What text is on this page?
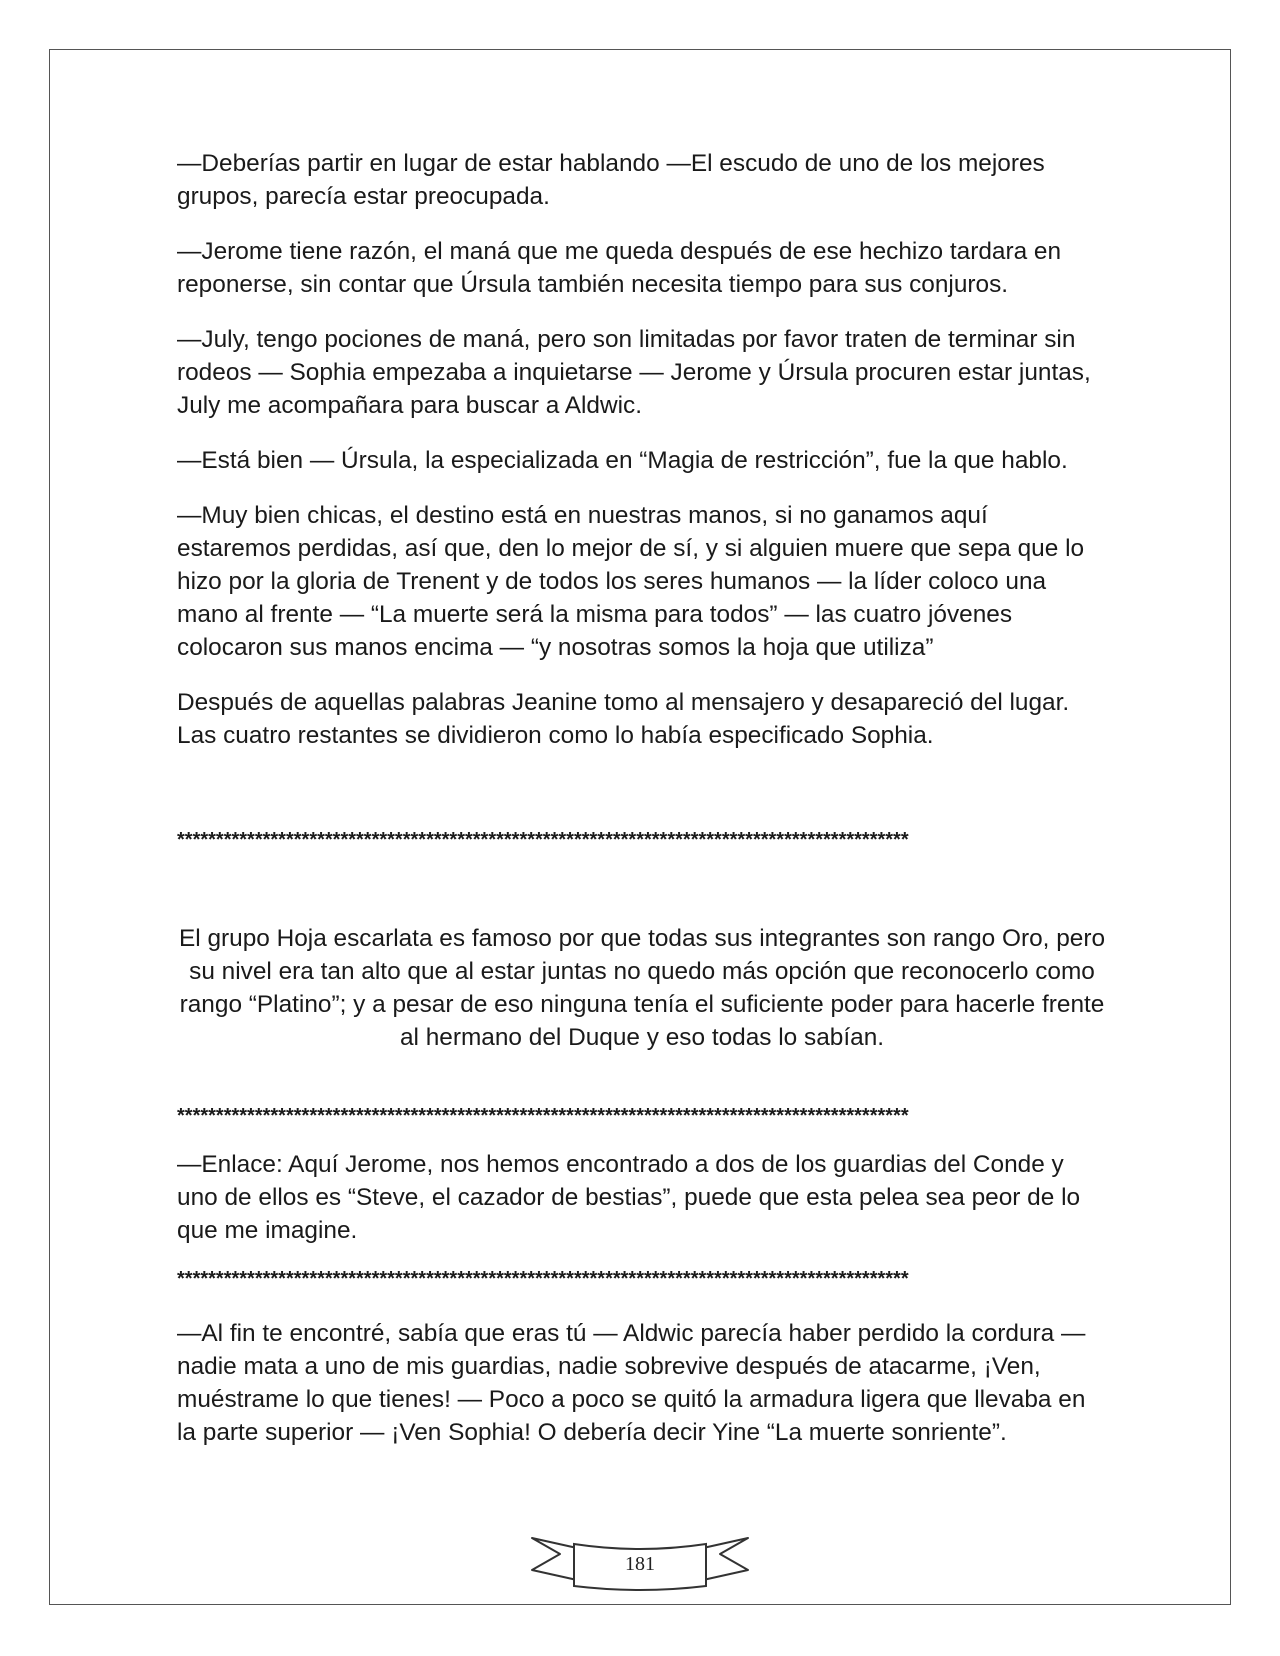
—Deberías partir en lugar de estar hablando —El escudo de uno de los mejores grupos, parecía estar preocupada.

—Jerome tiene razón, el maná que me queda después de ese hechizo tardara en reponerse, sin contar que Úrsula también necesita tiempo para sus conjuros.

—July, tengo pociones de maná, pero son limitadas por favor traten de terminar sin rodeos — Sophia empezaba a inquietarse — Jerome y Úrsula procuren estar juntas, July me acompañara para buscar a Aldwic.

—Está bien — Úrsula, la especializada en “Magia de restricción”, fue la que hablo.

—Muy bien chicas, el destino está en nuestras manos, si no ganamos aquí estaremos perdidas, así que, den lo mejor de sí, y si alguien muere que sepa que lo hizo por la gloria de Trenent y de todos los seres humanos — la líder coloco una mano al frente — “La muerte será la misma para todos” — las cuatro jóvenes colocaron sus manos encima — “y nosotras somos la hoja que utiliza”

Después de aquellas palabras Jeanine tomo al mensajero y desapareció del lugar. Las cuatro restantes se dividieron como lo había especificado Sophia.

**********************************************************************************************

El grupo Hoja escarlata es famoso por que todas sus integrantes son rango Oro, pero su nivel era tan alto que al estar juntas no quedo más opción que reconocerlo como rango “Platino”; y a pesar de eso ninguna tenía el suficiente poder para hacerle frente al hermano del Duque y eso todas lo sabían.

**********************************************************************************************

—Enlace: Aquí Jerome, nos hemos encontrado a dos de los guardias del Conde y uno de ellos es “Steve, el cazador de bestias”, puede que esta pelea sea peor de lo que me imagine.

**********************************************************************************************

—Al fin te encontré, sabía que eras tú — Aldwic parecía haber perdido la cordura — nadie mata a uno de mis guardias, nadie sobrevive después de atacarme, ¡Ven, muéstrame lo que tienes! — Poco a poco se quitó la armadura ligera que llevaba en la parte superior — ¡Ven Sophia! O debería decir Yine “La muerte sonriente”.

181
